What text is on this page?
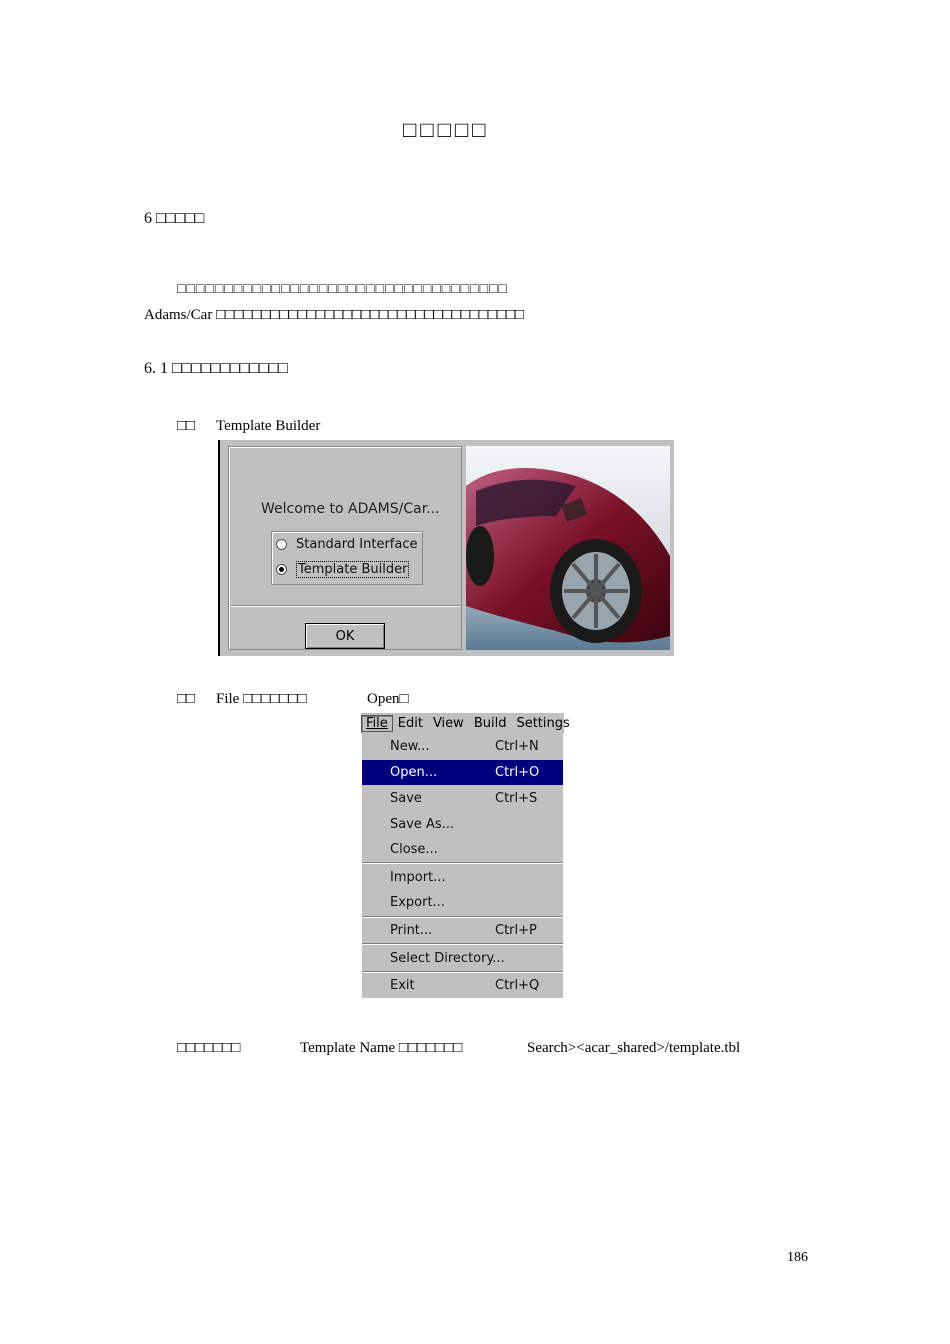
□□□□□
6 □□□□□
□□□□□□□□□□□□□□□□□□□□□□□□□□□□□□□□□□□
Adams/Car □□□□□□□□□□□□□□□□□□□□□□□□□□□□□□□□□□
6. 1 □□□□□□□□□□□□
□□ Template Builder
Welcome to ADAMS/Car...
Standard Interface
Template Builder
OK
□□ File □□□□□□□	Open□
File Edit View Build Settings
New...	Ctrl+N
Open...	Ctrl+O
Save	Ctrl+S
Save As...
Close...
Import...
Export...
Print...	Ctrl+P
Select Directory...
Exit	Ctrl+Q
□□□□□□□	Template Name □□□□□□□	Search><acar_shared>/template.tbl
186
